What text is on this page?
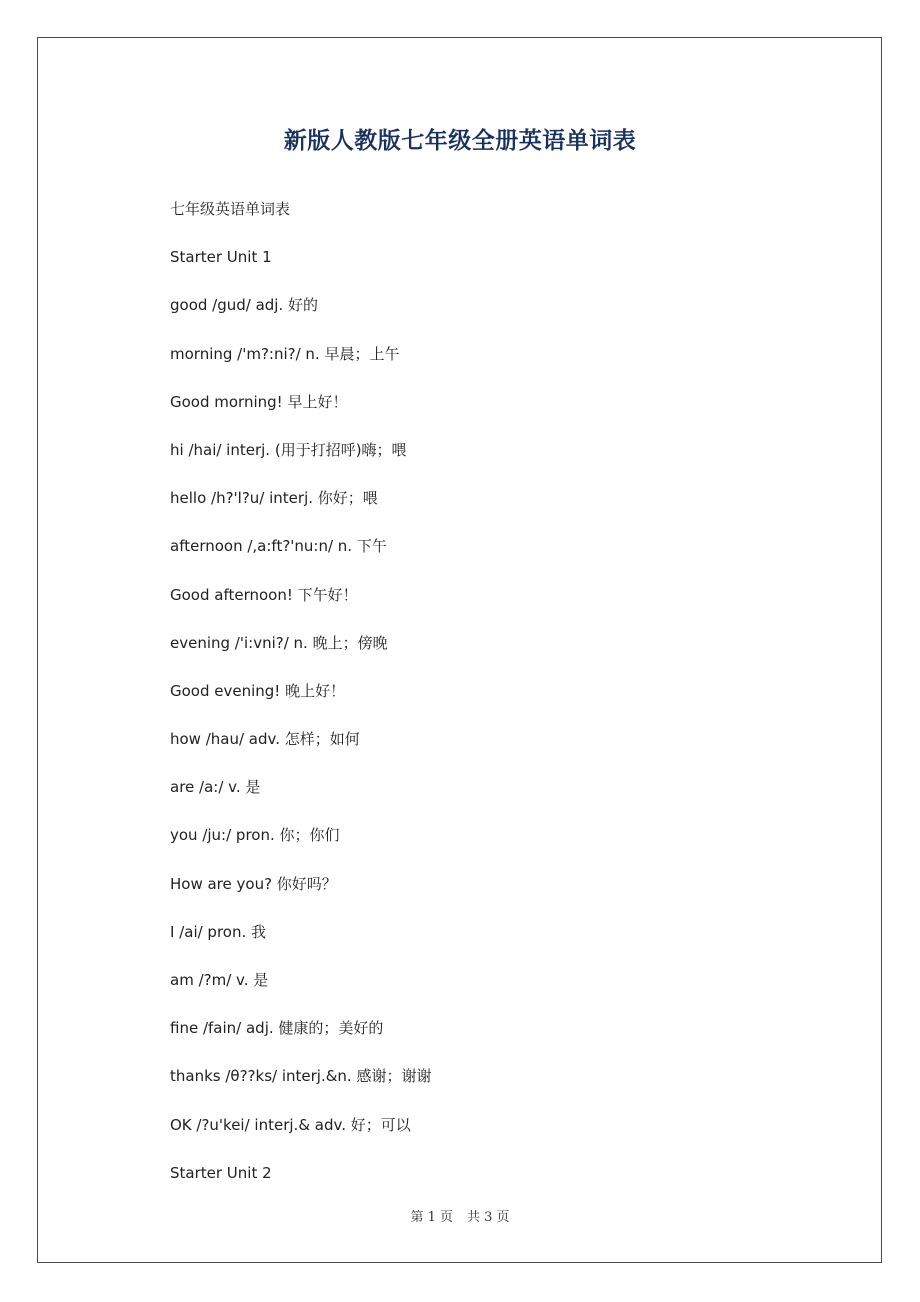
新版人教版七年级全册英语单词表
七年级英语单词表
Starter Unit 1
good /gud/ adj. 好的
morning /'m?:ni?/ n. 早晨；上午
Good morning! 早上好！
hi /hai/ interj. (用于打招呼)嗨；喂
hello /h?'l?u/ interj. 你好；喂
afternoon /,a:ft?'nu:n/ n. 下午
Good afternoon! 下午好！
evening /'i:vni?/ n. 晚上；傍晚
Good evening! 晚上好！
how /hau/ adv. 怎样；如何
are /a:/ v. 是
you /ju:/ pron. 你；你们
How are you? 你好吗？
I /ai/ pron. 我
am /?m/ v. 是
fine /fain/ adj. 健康的；美好的
thanks /θ??ks/ interj.&n. 感谢；谢谢
OK /?u'kei/ interj.& adv. 好；可以
Starter Unit 2
第 1 页 共 3 页
